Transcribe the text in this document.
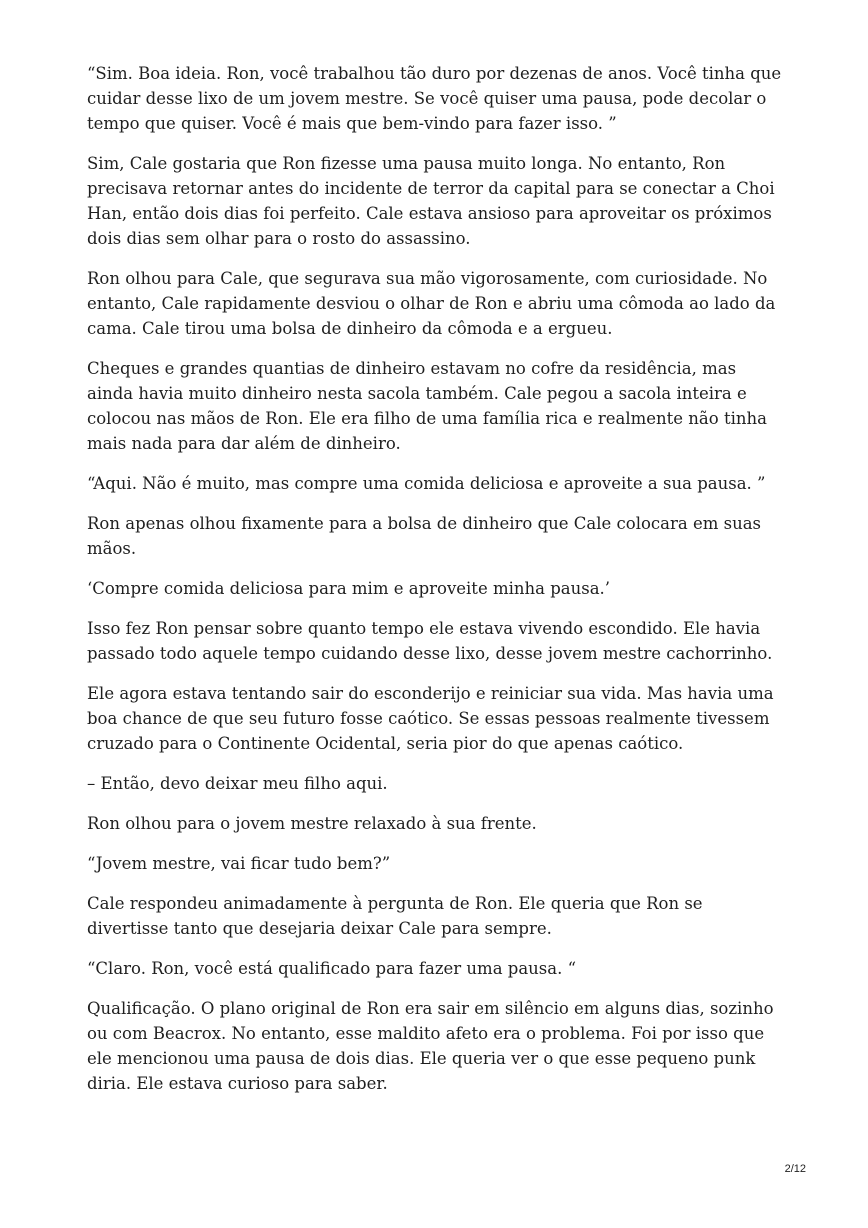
“Sim. Boa ideia. Ron, você trabalhou tão duro por dezenas de anos. Você tinha que cuidar desse lixo de um jovem mestre. Se você quiser uma pausa, pode decolar o tempo que quiser. Você é mais que bem-vindo para fazer isso. ”

Sim, Cale gostaria que Ron fizesse uma pausa muito longa. No entanto, Ron precisava retornar antes do incidente de terror da capital para se conectar a Choi Han, então dois dias foi perfeito. Cale estava ansioso para aproveitar os próximos dois dias sem olhar para o rosto do assassino.

Ron olhou para Cale, que segurava sua mão vigorosamente, com curiosidade. No entanto, Cale rapidamente desviou o olhar de Ron e abriu uma cômoda ao lado da cama. Cale tirou uma bolsa de dinheiro da cômoda e a ergueu.

Cheques e grandes quantias de dinheiro estavam no cofre da residência, mas ainda havia muito dinheiro nesta sacola também. Cale pegou a sacola inteira e colocou nas mãos de Ron. Ele era filho de uma família rica e realmente não tinha mais nada para dar além de dinheiro.

“Aqui. Não é muito, mas compre uma comida deliciosa e aproveite a sua pausa. ”

Ron apenas olhou fixamente para a bolsa de dinheiro que Cale colocara em suas mãos.

‘Compre comida deliciosa para mim e aproveite minha pausa.’

Isso fez Ron pensar sobre quanto tempo ele estava vivendo escondido. Ele havia passado todo aquele tempo cuidando desse lixo, desse jovem mestre cachorrinho.

Ele agora estava tentando sair do esconderijo e reiniciar sua vida. Mas havia uma boa chance de que seu futuro fosse caótico. Se essas pessoas realmente tivessem cruzado para o Continente Ocidental, seria pior do que apenas caótico.

– Então, devo deixar meu filho aqui.

Ron olhou para o jovem mestre relaxado à sua frente.

“Jovem mestre, vai ficar tudo bem?”

Cale respondeu animadamente à pergunta de Ron. Ele queria que Ron se divertisse tanto que desejaria deixar Cale para sempre.

“Claro. Ron, você está qualificado para fazer uma pausa. “

Qualificação. O plano original de Ron era sair em silêncio em alguns dias, sozinho ou com Beacrox. No entanto, esse maldito afeto era o problema. Foi por isso que ele mencionou uma pausa de dois dias. Ele queria ver o que esse pequeno punk diria. Ele estava curioso para saber.

2/12
